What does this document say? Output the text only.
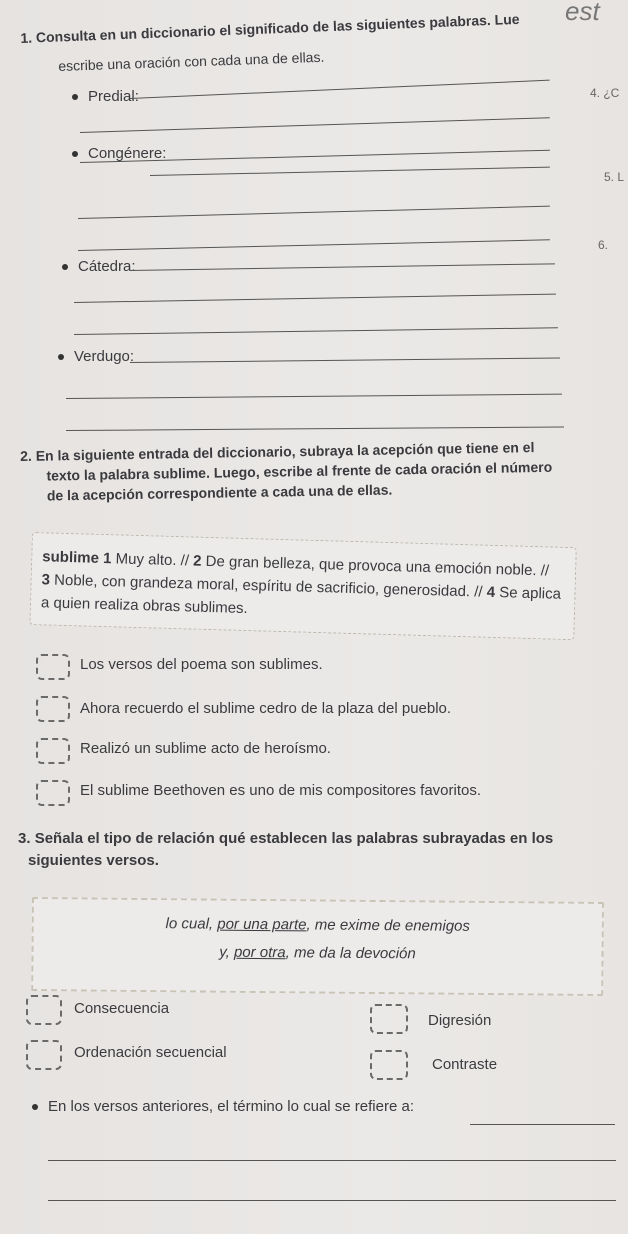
est
4. ¿C
5. L
6.
1. Consulta en un diccionario el significado de las siguientes palabras. Lue
escribe una oración con cada una de ellas.
Predial:
Congénere:
Cátedra:
Verdugo:
2. En la siguiente entrada del diccionario, subraya la acepción que tiene en el
texto la palabra sublime. Luego, escribe al frente de cada oración el número
de la acepción correspondiente a cada una de ellas.
sublime 1 Muy alto. // 2 De gran belleza, que provoca una emoción noble. //
3 Noble, con grandeza moral, espíritu de sacrificio, generosidad. // 4 Se aplica
a quien realiza obras sublimes.
Los versos del poema son sublimes.
Ahora recuerdo el sublime cedro de la plaza del pueblo.
Realizó un sublime acto de heroísmo.
El sublime Beethoven es uno de mis compositores favoritos.
3. Señala el tipo de relación qué establecen las palabras subrayadas en los
siguientes versos.
lo cual, por una parte, me exime de enemigos
y, por otra, me da la devoción
Consecuencia
Digresión
Ordenación secuencial
Contraste
En los versos anteriores, el término lo cual se refiere a:
